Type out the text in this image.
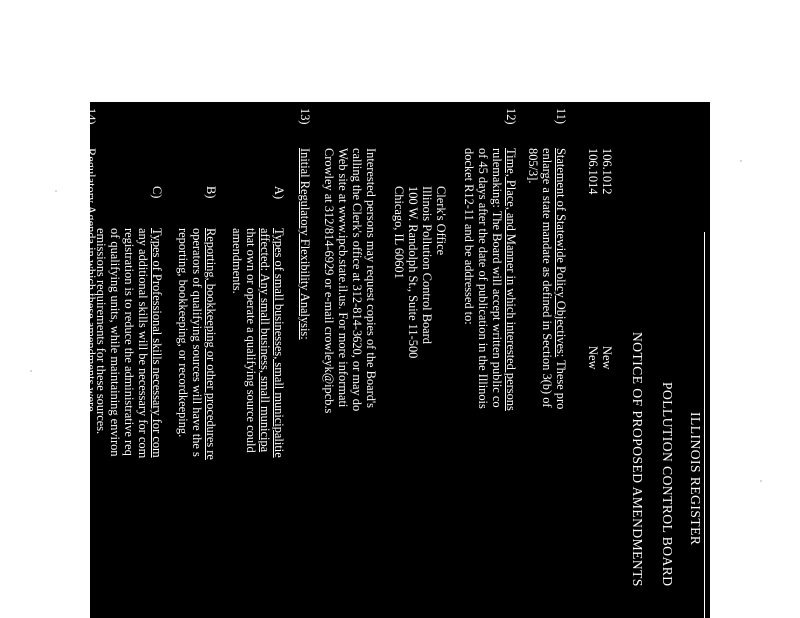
ILLINOIS REGISTER
POLLUTION CONTROL BOARD
NOTICE OF PROPOSED AMENDMENTS
106.1012
New
106.1014
New
11)
Statement of Statewide Policy Objectives: These pro
enlarge a state mandate as defined in Section 3(b) of
805/3].
12)
Time, Place, and Manner in which interested persons
rulemaking: The Board will accept written public co
of 45 days after the date of publication in the Illinois
docket R12-11 and be addressed to:
Clerk's Office
Illinois Pollution Control Board
100 W. Randolph St., Suite 11-500
Chicago, IL 60601
Interested persons may request copies of the Board's
calling the Clerk's office at 312-814-3620, or may do
Web site at www.ipcb.state.il.us. For more informati
Crowley at 312/814-6929 or e-mail crowleyk@ipcb.s
13)
Initial Regulatory Flexibility Analysis:
A)
Types of small businesses, small municipalitie
affected: Any small business, small municipa
that own or operate a qualifying source could
amendments.
B)
Reporting, bookkeeping or other procedures re
operators of qualifying sources will have the s
reporting, bookkeeping, or recordkeeping.
C)
Types of Professional skills necessary for com
any additional skills will be necessary for com
registration is to reduce the administrative req
of qualifying units, while maintaining environ
emissions requirements for these sources.
14)
Regulatory Agenda in which these amendments were
